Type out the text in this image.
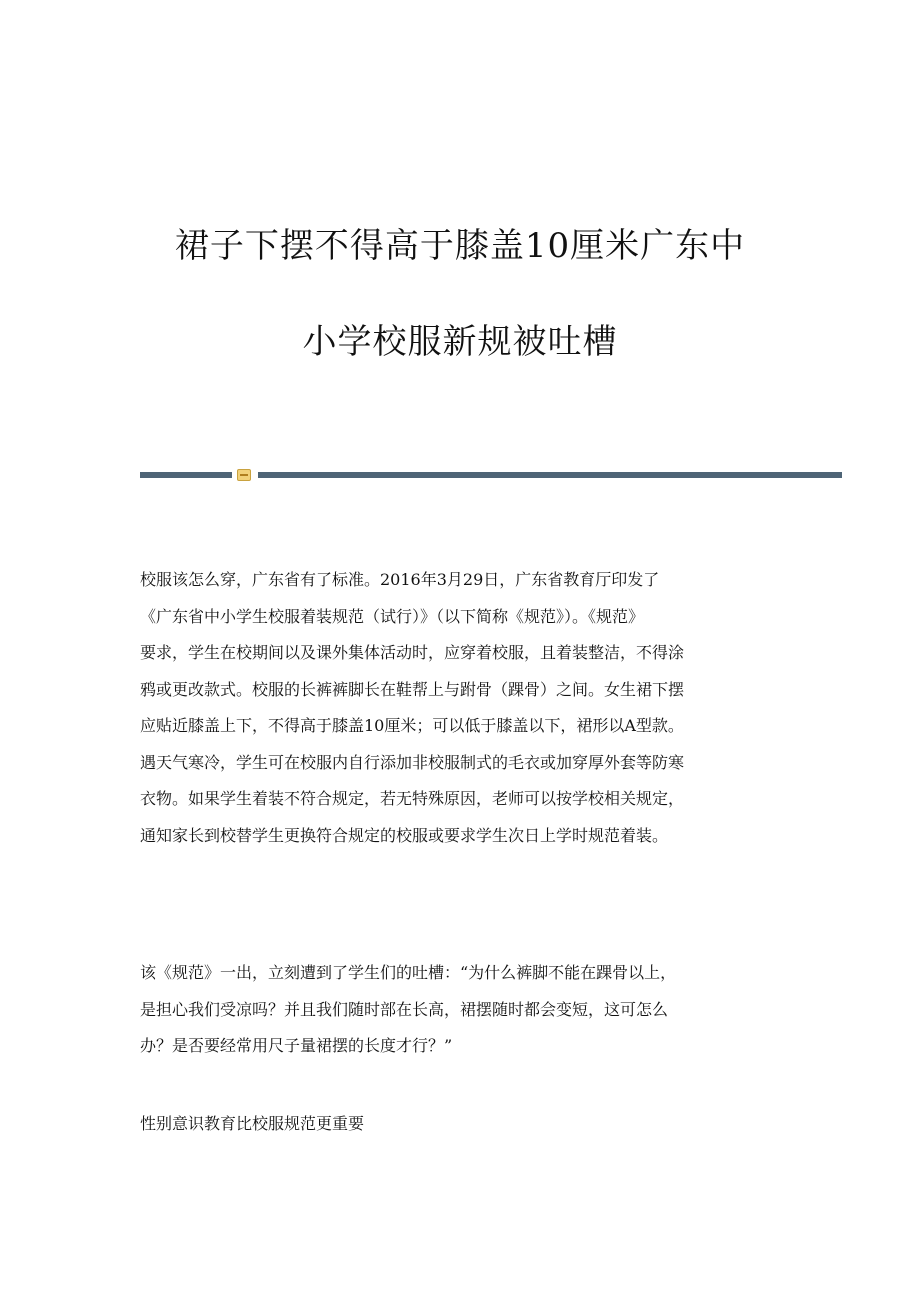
裙子下摆不得高于膝盖10厘米广东中
小学校服新规被吐槽
校服该怎么穿，广东省有了标准。2016年3月29日，广东省教育厅印发了
《广东省中小学生校服着装规范（试行）》（以下简称《规范》）。《规范》
要求，学生在校期间以及课外集体活动时，应穿着校服，且着装整洁，不得涂
鸦或更改款式。校服的长裤裤脚长在鞋帮上与跗骨（踝骨）之间。女生裙下摆
应贴近膝盖上下，不得高于膝盖10厘米；可以低于膝盖以下，裙形以A型款。
遇天气寒冷，学生可在校服内自行添加非校服制式的毛衣或加穿厚外套等防寒
衣物。如果学生着装不符合规定，若无特殊原因，老师可以按学校相关规定，
通知家长到校替学生更换符合规定的校服或要求学生次日上学时规范着装。
该《规范》一出，立刻遭到了学生们的吐槽：“为什么裤脚不能在踝骨以上，
是担心我们受凉吗？并且我们随时部在长高，裙摆随时都会变短，这可怎么
办？是否要经常用尺子量裙摆的长度才行？”
性别意识教育比校服规范更重要
